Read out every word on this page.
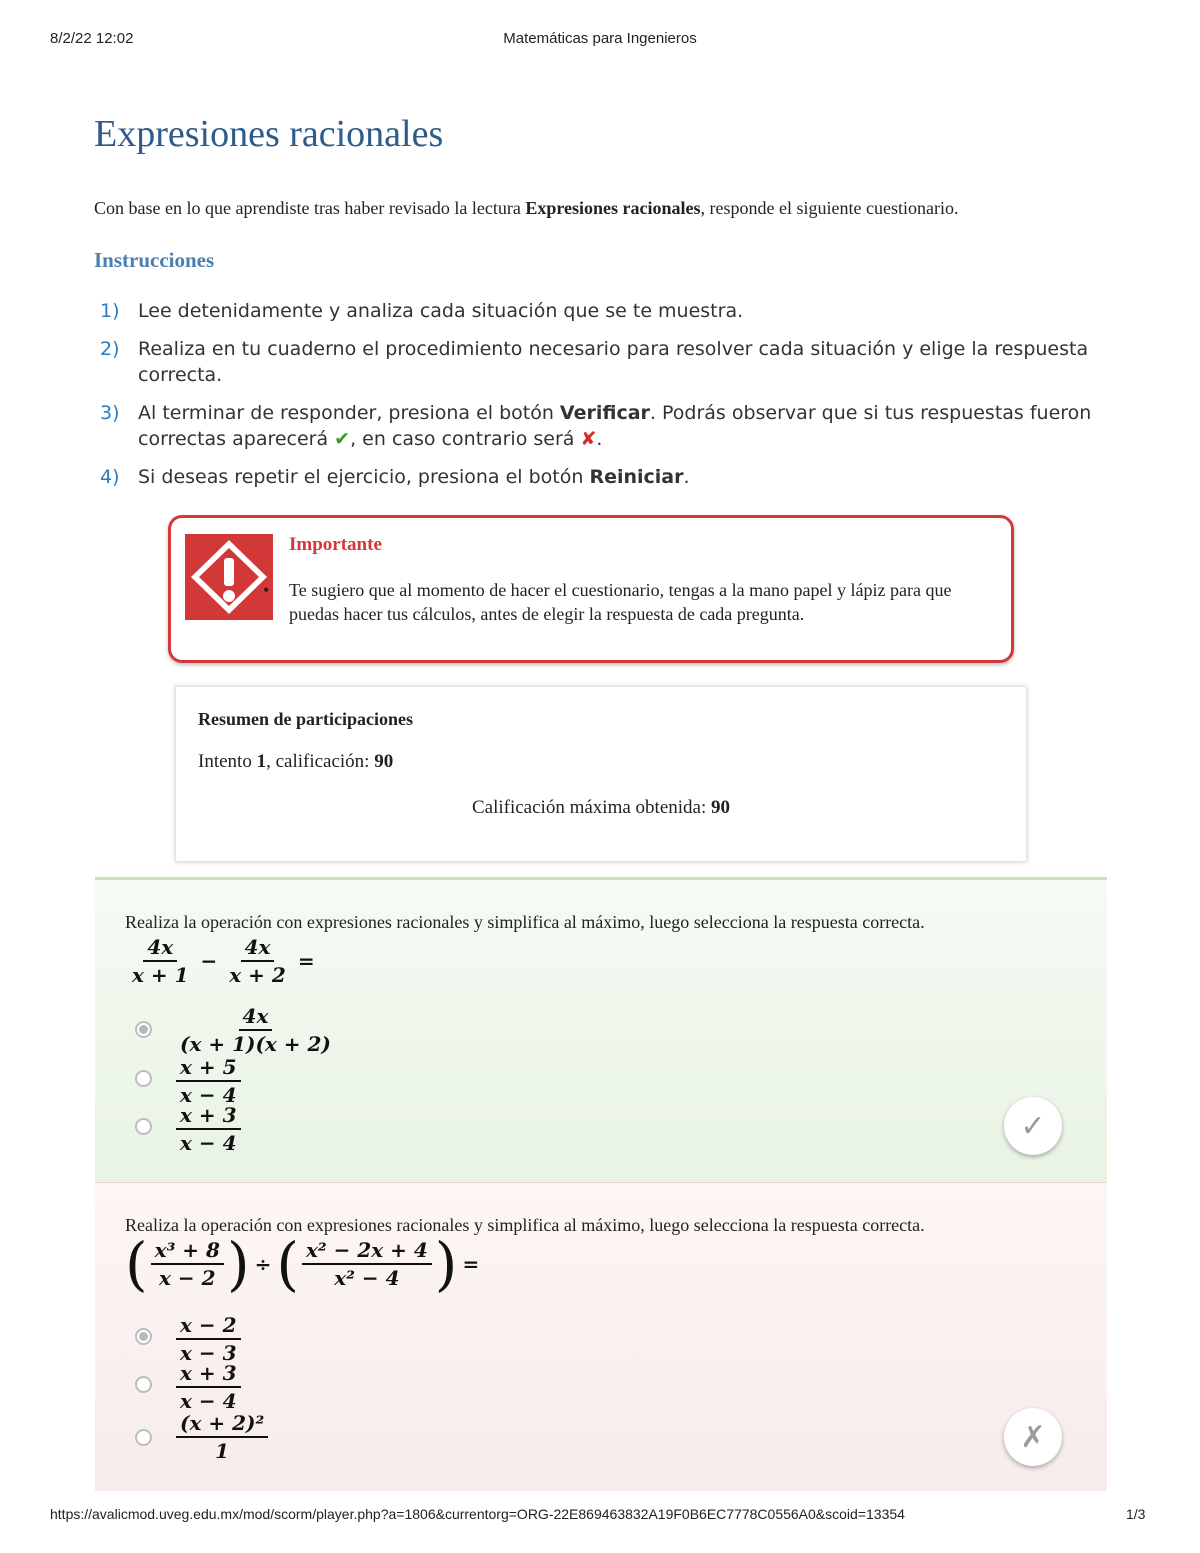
8/2/22 12:02	Matemáticas para Ingenieros
Expresiones racionales

Con base en lo que aprendiste tras haber revisado la lectura Expresiones racionales, responde el siguiente cuestionario.

Instrucciones
1) Lee detenidamente y analiza cada situación que se te muestra.
2) Realiza en tu cuaderno el procedimiento necesario para resolver cada situación y elige la respuesta correcta.
3) Al terminar de responder, presiona el botón Verificar. Podrás observar que si tus respuestas fueron correctas aparecerá ✔, en caso contrario será ✘.
4) Si deseas repetir el ejercicio, presiona el botón Reiniciar.
Importante
• Te sugiero que al momento de hacer el cuestionario, tengas a la mano papel y lápiz para que puedas hacer tus cálculos, antes de elegir la respuesta de cada pregunta.
Resumen de participaciones
Intento 1, calificación: 90
Calificación máxima obtenida: 90
Realiza la operación con expresiones racionales y simplifica al máximo, luego selecciona la respuesta correcta.
$\frac{4x}{x + 1} - \frac{4x}{x + 2}$ =
$\frac{4x}{(x + 1)(x + 2)}$
$\frac{x + 5}{x - 4}$
$\frac{x + 3}{x - 4}$	✓
Realiza la operación con expresiones racionales y simplifica al máximo, luego selecciona la respuesta correcta.
( $\frac{\text{x³ + 8}}{x - 2}$ ) ÷( $\frac{\text{x² − 2x + 4}}{\text{x² − 4}}$ ) =
$\frac{x - 2}{x - 3}$
$\frac{x + 3}{x - 4}$
$\frac{\text{(x + 2)²}}{1}$	✗
https://avalicmod.uveg.edu.mx/mod/scorm/player.php?a=1806&currentorg=ORG-22E869463832A19F0B6EC7778C0556A0&scoid=13354	1/3
